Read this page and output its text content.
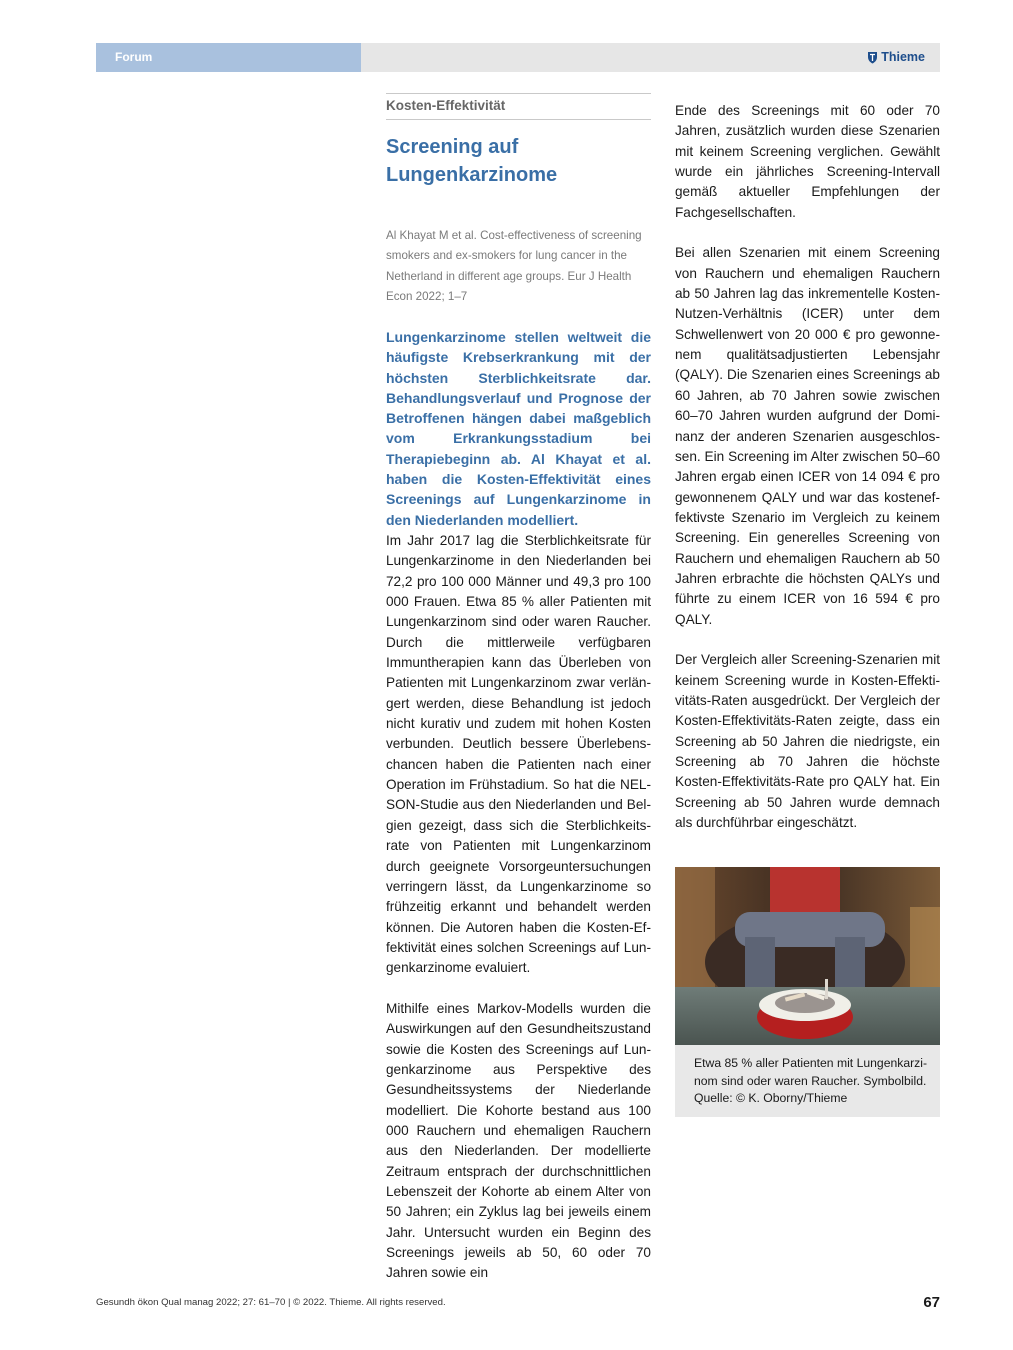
Forum	Thieme
Kosten-Effektivität
Screening auf
Lungenkarzinome
Al Khayat M et al. Cost-effectiveness of screening smokers and ex-smokers for lung cancer in the Netherland in different age groups. Eur J Health Econ 2022; 1–7
Lungenkarzinome stellen weltweit die häufigste Krebserkrankung mit der höchsten Sterblichkeitsrate dar. Behandlungsverlauf und Prognose der Betroffenen hängen dabei maßgeblich vom Erkrankungsstadium bei Therapiebeginn ab. Al Khayat et al. haben die Kosten-Effektivität eines Screenings auf Lungenkarzinome in den Niederlanden modelliert.

Im Jahr 2017 lag die Sterblichkeitsrate für Lungenkarzinome in den Niederlanden bei 72,2 pro 100 000 Männer und 49,3 pro 100 000 Frauen. Etwa 85 % aller Patienten mit Lungenkarzinom sind oder waren Raucher. Durch die mittlerweile verfügbaren Immuntherapien kann das Überleben von Patienten mit Lungenkarzinom zwar verlängert werden, diese Behandlung ist jedoch nicht kurativ und zudem mit hohen Kosten verbunden. Deutlich bessere Überlebenschancen haben die Patienten nach einer Operation im Frühstadium. So hat die NELSON-Studie aus den Niederlanden und Belgien gezeigt, dass sich die Sterblichkeitsrate von Patienten mit Lungenkarzinom durch geeignete Vorsorgeuntersuchungen verringern lässt, da Lungenkarzinome so frühzeitig erkannt und behandelt werden können. Die Autoren haben die Kosten-Effektivität eines solchen Screenings auf Lungenkarzinome evaluiert.

Mithilfe eines Markov-Modells wurden die Auswirkungen auf den Gesundheitszustand sowie die Kosten des Screenings auf Lungenkarzinome aus Perspektive des Gesundheitssystems der Niederlande modelliert. Die Kohorte bestand aus 100 000 Rauchern und ehemaligen Rauchern aus den Niederlanden. Der modellierte Zeitraum entsprach der durchschnittlichen Lebenszeit der Kohorte ab einem Alter von 50 Jahren; ein Zyklus lag bei jeweils einem Jahr. Untersucht wurden ein Beginn des Screenings jeweils ab 50, 60 oder 70 Jahren sowie ein

Ende des Screenings mit 60 oder 70 Jahren, zusätzlich wurden diese Szenarien mit keinem Screening verglichen. Gewählt wurde ein jährliches Screening-Intervall gemäß aktueller Empfehlungen der Fachgesellschaften.

Bei allen Szenarien mit einem Screening von Rauchern und ehemaligen Rauchern ab 50 Jahren lag das inkrementelle Kosten-Nutzen-Verhältnis (ICER) unter dem Schwellenwert von 20 000 € pro gewonnenem qualitätsadjustierten Lebensjahr (QALY). Die Szenarien eines Screenings ab 60 Jahren, ab 70 Jahren sowie zwischen 60–70 Jahren wurden aufgrund der Dominanz der anderen Szenarien ausgeschlossen. Ein Screening im Alter zwischen 50–60 Jahren ergab einen ICER von 14 094 € pro gewonnenem QALY und war das kosteneffektivste Szenario im Vergleich zu keinem Screening. Ein generelles Screening von Rauchern und ehemaligen Rauchern ab 50 Jahren erbrachte die höchsten QALYs und führte zu einem ICER von 16 594 € pro QALY.

Der Vergleich aller Screening-Szenarien mit keinem Screening wurde in Kosten-Effektivitäts-Raten ausgedrückt. Der Vergleich der Kosten-Effektivitäts-Raten zeigte, dass ein Screening ab 50 Jahren die niedrigste, ein Screening ab 70 Jahren die höchste Kosten-Effektivitäts-Rate pro QALY hat. Ein Screening ab 50 Jahren wurde demnach als durchführbar eingeschätzt.

Etwa 85 % aller Patienten mit Lungenkarzinom sind oder waren Raucher. Symbolbild. Quelle: © K. Oborny/Thieme
Gesundh ökon Qual manag 2022; 27: 61–70 | © 2022. Thieme. All rights reserved.	67
